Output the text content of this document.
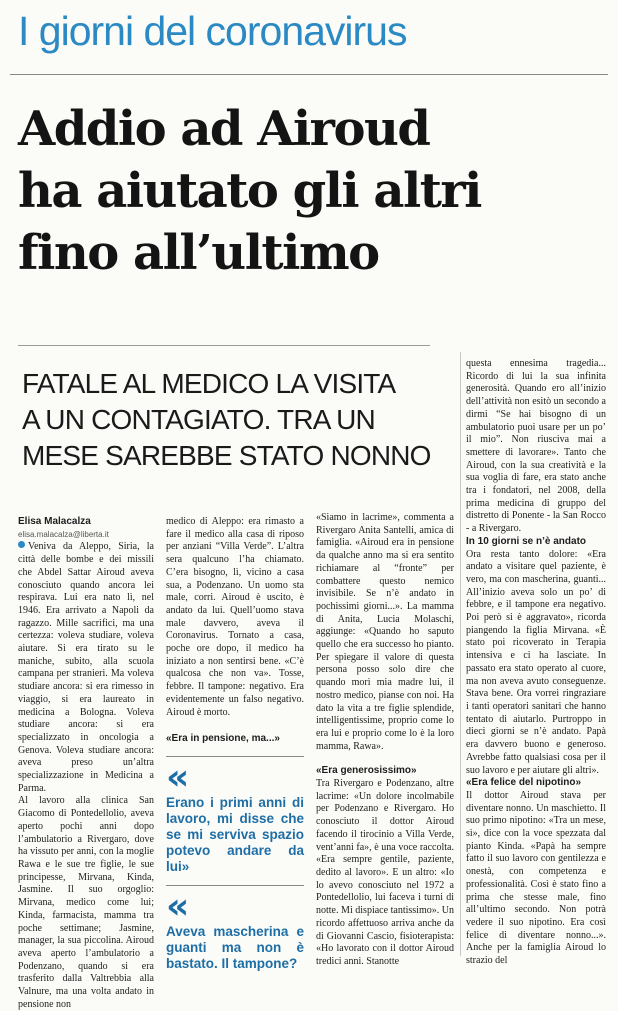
I giorni del coronavirus
Addio ad Airoud
ha aiutato gli altri
fino all’ultimo
FATALE AL MEDICO LA VISITA
A UN CONTAGIATO. TRA UN
MESE SAREBBE STATO NONNO

questa ennesima tragedia... Ricordo di lui la sua infinita generosità. Quando ero all’inizio dell’attività non esitò un secondo a dirmi “Se hai bisogno di un ambulatorio puoi usare per un po’ il mio”. Non riusciva mai a smettere di lavorare». Tanto che Airoud, con la sua creatività e la sua voglia di fare, era stato anche tra i fondatori, nel 2008, della prima medicina di gruppo del distretto di Ponente - la San Rocco - a Rivergaro.

In 10 giorni se n’è andato

Ora resta tanto dolore: «Era andato a visitare quel paziente, è vero, ma con mascherina, guanti... All’inizio aveva solo un po’ di febbre, e il tampone era negativo. Poi però si è aggravato», ricorda piangendo la figlia Mirvana. «È stato poi ricoverato in Terapia intensiva e ci ha lasciate. In passato era stato operato al cuore, ma non aveva avuto conseguenze. Stava bene. Ora vorrei ringraziare i tanti operatori sanitari che hanno tentato di aiutarlo. Purtroppo in dieci giorni se n’è andato. Papà era davvero buono e generoso. Avrebbe fatto qualsiasi cosa per il suo lavoro e per aiutare gli altri».

«Era felice del nipotino»

Il dottor Airoud stava per diventare nonno. Un maschietto. Il suo primo nipotino: «Tra un mese, sì», dice con la voce spezzata dal pianto Kinda. «Papà ha sempre fatto il suo lavoro con gentilezza e onestà, con competenza e professionalità. Così è stato fino a prima che stesse male, fino all’ultimo secondo. Non potrà vedere il suo nipotino. Era così felice di diventare nonno...». Anche per la famiglia Airoud lo strazio del

Elisa Malacalza

elisa.malacalza@liberta.it

Veniva da Aleppo, Siria, la città delle bombe e dei missili che Abdel Sattar Airoud aveva conosciuto quando ancora lei respirava. Lui era nato lì, nel 1946. Era arrivato a Napoli da ragazzo. Mille sacrifici, ma una certezza: voleva studiare, voleva aiutare. Si era tirato su le maniche, subito, alla scuola campana per stranieri. Ma voleva studiare ancora: si era rimesso in viaggio, si era laureato in medicina a Bologna. Voleva studiare ancora: si era specializzato in oncologia a Genova. Voleva studiare ancora: aveva preso un’altra specializzazione in Medicina a Parma.

Al lavoro alla clinica San Giacomo di Pontedellolio, aveva aperto pochi anni dopo l’ambulatorio a Rivergaro, dove ha vissuto per anni, con la moglie Rawa e le sue tre figlie, le sue principesse, Mirvana, Kinda, Jasmine. Il suo orgoglio: Mirvana, medico come lui; Kinda, farmacista, mamma tra poche settimane; Jasmine, manager, la sua piccolina. Airoud aveva aperto l’ambulatorio a Podenzano, quando si era trasferito dalla Valtrebbia alla Valnure, ma una volta andato in pensione non

medico di Aleppo: era rimasto a fare il medico alla casa di riposo per anziani “Villa Verde”. L’altra sera qualcuno l’ha chiamato. C’era bisogno, lì, vicino a casa sua, a Podenzano. Un uomo sta male, corri. Airoud è uscito, è andato da lui. Quell’uomo stava male davvero, aveva il Coronavirus. Tornato a casa, poche ore dopo, il medico ha iniziato a non sentirsi bene. «C’è qualcosa che non va». Tosse, febbre. Il tampone: negativo. Era evidentemente un falso negativo. Airoud è morto.

«Era in pensione, ma...»

«
Erano i primi anni di lavoro, mi disse che se mi serviva spazio potevo andare da lui»
«
Aveva mascherina e guanti ma non è bastato. Il tampone?

«Siamo in lacrime», commenta a Rivergaro Anita Santelli, amica di famiglia. «Airoud era in pensione da qualche anno ma si era sentito richiamare al “fronte” per combattere questo nemico invisibile. Se n’è andato in pochissimi giorni...». La mamma di Anita, Lucia Molaschi, aggiunge: «Quando ho saputo quello che era successo ho pianto. Per spiegare il valore di questa persona posso solo dire che quando morì mia madre lui, il nostro medico, pianse con noi. Ha dato la vita a tre figlie splendide, intelligentissime, proprio come lo era lui e proprio come lo è la loro mamma, Rawa».

«Era generosissimo»

Tra Rivergaro e Podenzano, altre lacrime: «Un dolore incolmabile per Podenzano e Rivergaro. Ho conosciuto il dottor Airoud facendo il tirocinio a Villa Verde, vent’anni fa», è una voce raccolta. «Era sempre gentile, paziente, dedito al lavoro». E un altro: «Io lo avevo conosciuto nel 1972 a Pontedellolio, lui faceva i turni di notte. Mi dispiace tantissimo». Un ricordo affettuoso arriva anche da di Giovanni Cascio, fisioterapista: «Ho lavorato con il dottor Airoud tredici anni. Stanotte
